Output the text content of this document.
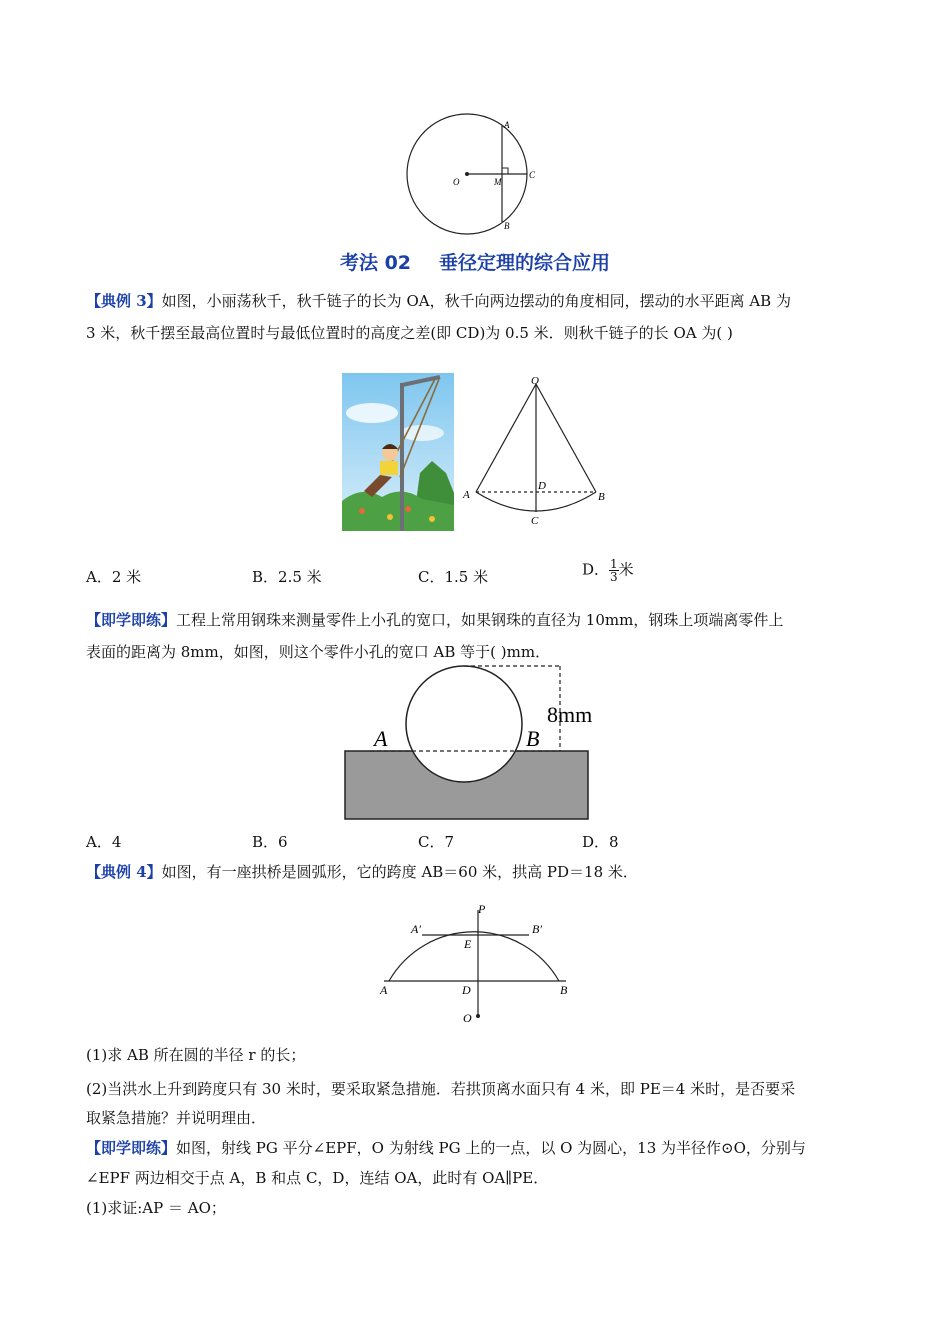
A
B
C
M
O
考法 02 垂径定理的综合应用
【典例 3】如图，小丽荡秋千，秋千链子的长为 OA，秋千向两边摆动的角度相同，摆动的水平距离 AB 为
3 米，秋千摆至最高位置时与最低位置时的高度之差(即 CD)为 0.5 米．则秋千链子的长 OA 为( )
O
A	B
D
C
A．2 米	B．2.5 米	C．1.5 米	D． $\frac{1}{3}$米
【即学即练】工程上常用钢珠来测量零件上小孔的宽口，如果钢珠的直径为 10mm，钢珠上项端离零件上
表面的距离为 8mm，如图，则这个零件小孔的宽口 AB 等于( )mm．
A	B
8mm
A．4	B．6	C．7	D．8
【典例 4】如图，有一座拱桥是圆弧形，它的跨度 AB＝60 米，拱高 PD＝18 米．
P
A′	B′
E
A	B
D
O
(1)求 AB 所在圆的半径 r 的长；
(2)当洪水上升到跨度只有 30 米时，要采取紧急措施．若拱顶离水面只有 4 米，即 PE＝4 米时，是否要采
取紧急措施？并说明理由．
【即学即练】如图，射线 PG 平分∠EPF，O 为射线 PG 上的一点，以 O 为圆心，13 为半径作⊙O，分别与
∠EPF 两边相交于点 A，B 和点 C，D，连结 OA，此时有 OA∥PE．
(1)求证:AP ＝ AO；
